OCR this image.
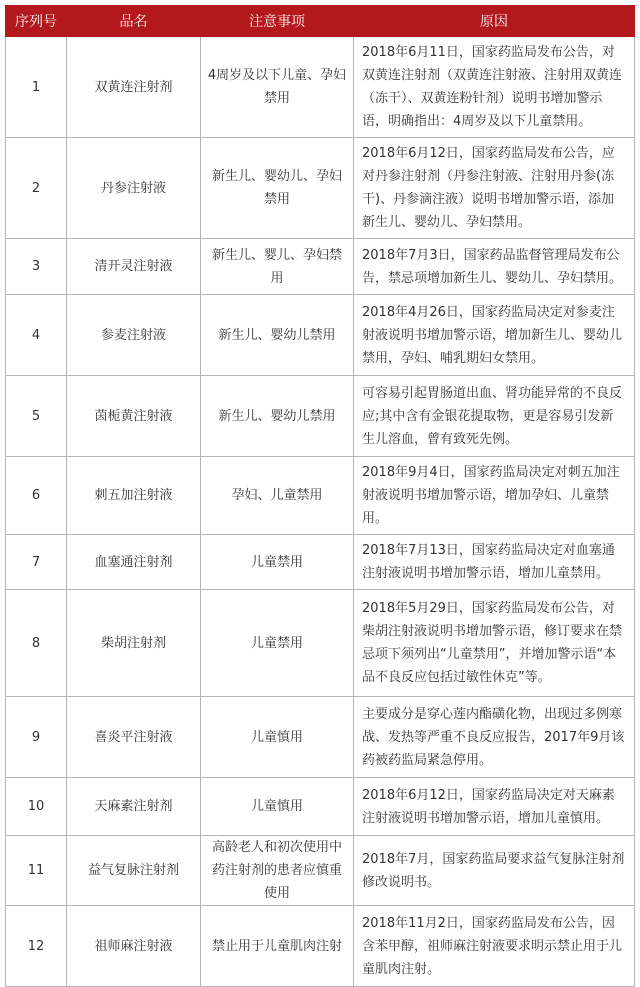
序列号	品名	注意事项	原因
1	双黄连注射剂	4周岁及以下儿童、孕妇禁用	2018年6月11日，国家药监局发布公告，对双黄连注射剂（双黄连注射液、注射用双黄连（冻干）、双黄连粉针剂）说明书增加警示语，明确指出：4周岁及以下儿童禁用。
2	丹参注射液	新生儿、婴幼儿、孕妇禁用	2018年6月12日，国家药监局发布公告，应对丹参注射剂（丹参注射液、注射用丹参(冻干)、丹参滴注液）说明书增加警示语，添加新生儿、婴幼儿、孕妇禁用。
3	清开灵注射液	新生儿、婴儿、孕妇禁用	2018年7月3日，国家药品监督管理局发布公告，禁忌项增加新生儿、婴幼儿、孕妇禁用。
4	参麦注射液	新生儿、婴幼儿禁用	2018年4月26日，国家药监局决定对参麦注射液说明书增加警示语，增加新生儿、婴幼儿禁用，孕妇、哺乳期妇女禁用。
5	茵栀黄注射液	新生儿、婴幼儿禁用	可容易引起胃肠道出血、肾功能异常的不良反应;其中含有金银花提取物，更是容易引发新生儿溶血，曾有致死先例。
6	刺五加注射液	孕妇、儿童禁用	2018年9月4日，国家药监局决定对刺五加注射液说明书增加警示语，增加孕妇、儿童禁用。
7	血塞通注射剂	儿童禁用	2018年7月13日，国家药监局决定对血塞通注射液说明书增加警示语，增加儿童禁用。
8	柴胡注射剂	儿童禁用	2018年5月29日，国家药监局发布公告，对柴胡注射液说明书增加警示语，修订要求在禁忌项下须列出“儿童禁用”，并增加警示语“本品不良反应包括过敏性休克”等。
9	喜炎平注射液	儿童慎用	主要成分是穿心莲内酯磺化物，出现过多例寒战、发热等严重不良反应报告，2017年9月该药被药监局紧急停用。
10	天麻素注射剂	儿童慎用	2018年6月12日，国家药监局决定对天麻素注射液说明书增加警示语，增加儿童慎用。
11	益气复脉注射剂	高龄老人和初次使用中药注射剂的患者应慎重使用	2018年7月，国家药监局要求益气复脉注射剂修改说明书。
12	祖师麻注射液	禁止用于儿童肌肉注射	2018年11月2日，国家药监局发布公告，因含苯甲醇，祖师麻注射液要求明示禁止用于儿童肌肉注射。
